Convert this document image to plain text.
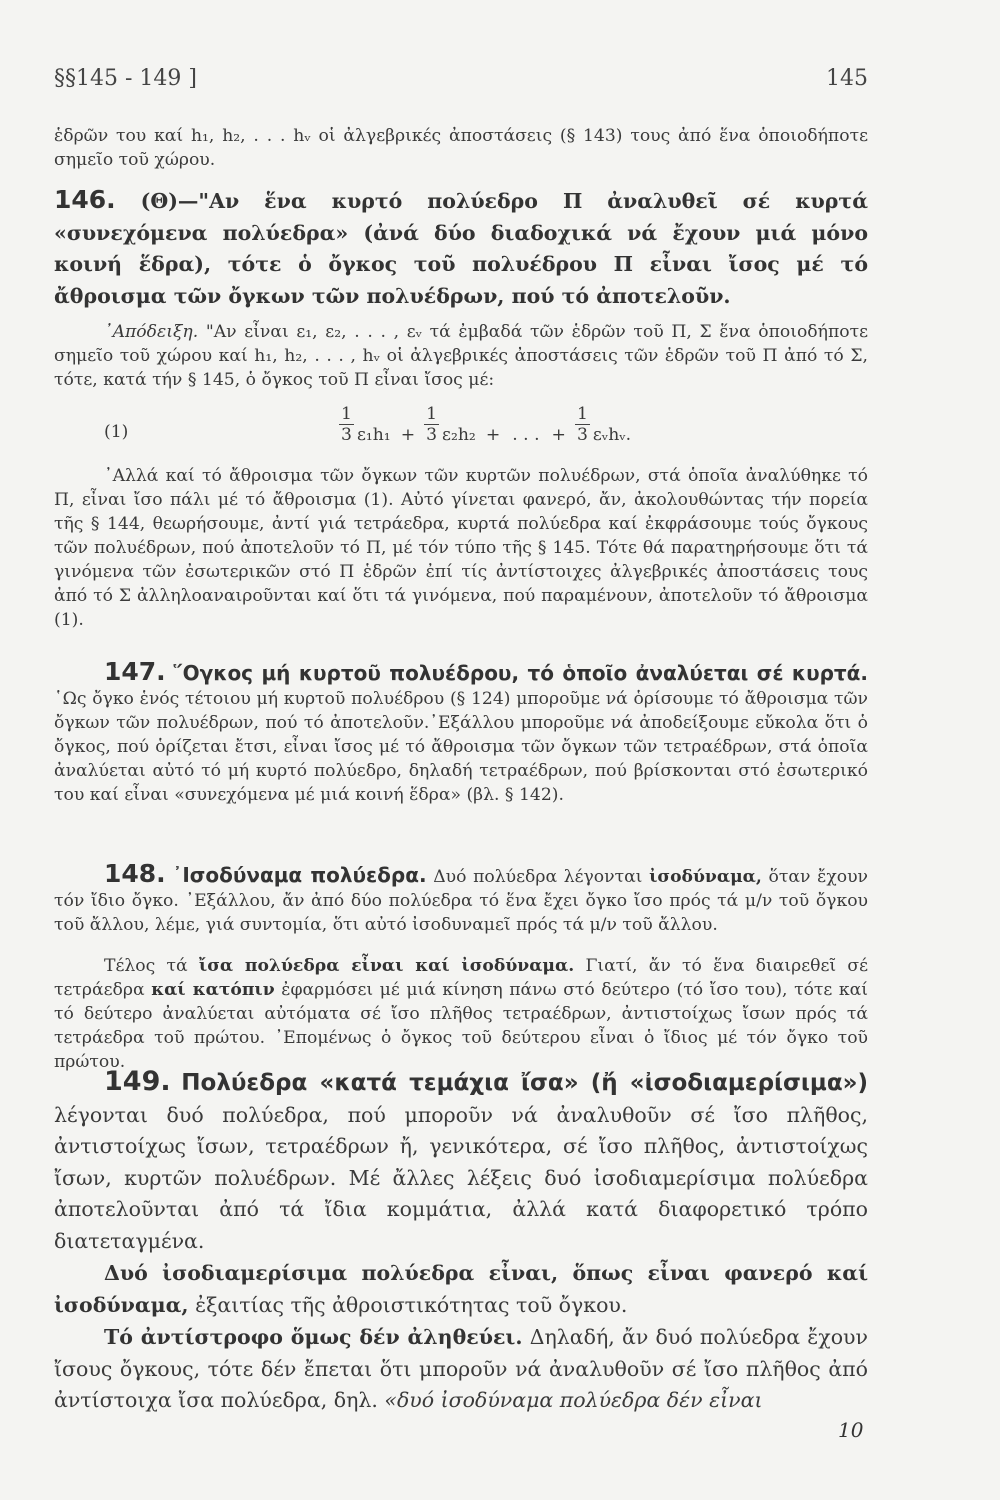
§§145 - 149 ]	145

ἑδρῶν του καί h₁, h₂, . . . hᵥ οἱ ἀλγεβρικές ἀποστάσεις (§ 143) τους ἀπό ἕνα ὁποιοδήποτε σημεῖο τοῦ χώρου.

146. (Θ)—"Αν ἕνα κυρτό πολύεδρο Π ἀναλυθεῖ σέ κυρτά «συνεχόμενα πολύεδρα» (ἀνά δύο διαδοχικά νά ἔχουν μιά μόνο κοινή ἕδρα), τότε ὁ ὄγκος τοῦ πολυέδρου Π εἶναι ἴσος μέ τό ἄθροισμα τῶν ὄγκων τῶν πολυέδρων, πού τό ἀποτελοῦν.

᾿Απόδειξη. "Αν εἶναι ε₁, ε₂, . . . , εᵥ τά ἐμβαδά τῶν ἑδρῶν τοῦ Π, Σ ἕνα ὁποιοδήποτε σημεῖο τοῦ χώρου καί h₁, h₂, . . . , hᵥ οἱ ἀλγεβρικές ἀποστάσεις τῶν ἑδρῶν τοῦ Π ἀπό τό Σ, τότε, κατά τήν § 145, ὁ ὄγκος τοῦ Π εἶναι ἴσος μέ:

(1)	$\frac{1}{3} \varepsilon_1h_1 + \frac{1}{3} \varepsilon_2h_2$ + . . . + $\frac{1}{3}$ εᵥhᵥ.

᾿Αλλά καί τό ἄθροισμα τῶν ὄγκων τῶν κυρτῶν πολυέδρων, στά ὁποῖα ἀναλύθηκε τό Π, εἶναι ἴσο πάλι μέ τό ἄθροισμα (1). Αὐτό γίνεται φανερό, ἄν, ἀκολουθώντας τήν πορεία τῆς § 144, θεωρήσουμε, ἀντί γιά τετράεδρα, κυρτά πολύεδρα καί ἐκφράσουμε τούς ὄγκους τῶν πολυέδρων, πού ἀποτελοῦν τό Π, μέ τόν τύπο τῆς § 145. Τότε θά παρατηρήσουμε ὅτι τά γινόμενα τῶν ἐσωτερικῶν στό Π ἑδρῶν ἐπί τίς ἀντίστοιχες ἀλγεβρικές ἀποστάσεις τους ἀπό τό Σ ἀλληλοαναιροῦνται καί ὅτι τά γινόμενα, πού παραμένουν, ἀποτελοῦν τό ἄθροισμα (1).

147. ῞Ογκος μή κυρτοῦ πολυέδρου, τό ὁποῖο ἀναλύεται σέ κυρτά. ῾Ως ὄγκο ἑνός τέτοιου μή κυρτοῦ πολυέδρου (§ 124) μποροῦμε νά ὁρίσουμε τό ἄθροισμα τῶν ὄγκων τῶν πολυέδρων, πού τό ἀποτελοῦν.᾿Εξάλλου μποροῦμε νά ἀποδείξουμε εὔκολα ὅτι ὁ ὄγκος, πού ὁρίζεται ἔτσι, εἶναι ἴσος μέ τό ἄθροισμα τῶν ὄγκων τῶν τετραέδρων, στά ὁποῖα ἀναλύεται αὐτό τό μή κυρτό πολύεδρο, δηλαδή τετραέδρων, πού βρίσκονται στό ἐσωτερικό του καί εἶναι «συνεχόμενα μέ μιά κοινή ἕδρα» (βλ. § 142).

148. ᾿Ισοδύναμα πολύεδρα. Δυό πολύεδρα λέγονται ἰσοδύναμα, ὅταν ἔχουν τόν ἴδιο ὄγκο. ᾿Εξάλλου, ἄν ἀπό δύο πολύεδρα τό ἕνα ἔχει ὄγκο ἴσο πρός τά μ/ν τοῦ ὄγκου τοῦ ἄλλου, λέμε, γιά συντομία, ὅτι αὐτό ἰσοδυναμεῖ πρός τά μ/ν τοῦ ἄλλου.

Τέλος τά ἴσα πολύεδρα εἶναι καί ἰσοδύναμα. Γιατί, ἄν τό ἕνα διαιρεθεῖ σέ τετράεδρα καί κατόπιν ἐφαρμόσει μέ μιά κίνηση πάνω στό δεύτερο (τό ἴσο του), τότε καί τό δεύτερο ἀναλύεται αὐτόματα σέ ἴσο πλῆθος τετραέδρων, ἀντιστοίχως ἴσων πρός τά τετράεδρα τοῦ πρώτου. ᾿Επομένως ὁ ὄγκος τοῦ δεύτερου εἶναι ὁ ἴδιος μέ τόν ὄγκο τοῦ πρώτου.

149. Πολύεδρα «κατά τεμάχια ἴσα» (ἤ «ἰσοδιαμερίσιμα») λέγονται δυό πολύεδρα, πού μποροῦν νά ἀναλυθοῦν σέ ἴσο πλῆθος, ἀντιστοίχως ἴσων, τετραέδρων ἤ, γενικότερα, σέ ἴσο πλῆθος, ἀντιστοίχως ἴσων, κυρτῶν πολυέδρων. Μέ ἄλλες λέξεις δυό ἰσοδιαμερίσιμα πολύεδρα ἀποτελοῦνται ἀπό τά ἴδια κομμάτια, ἀλλά κατά διαφορετικό τρόπο διατεταγμένα.

Δυό ἰσοδιαμερίσιμα πολύεδρα εἶναι, ὅπως εἶναι φανερό καί ἰσοδύναμα, ἐξαιτίας τῆς ἀθροιστικότητας τοῦ ὄγκου.

Τό ἀντίστροφο ὅμως δέν ἀληθεύει. Δηλαδή, ἄν δυό πολύεδρα ἔχουν ἴσους ὄγκους, τότε δέν ἔπεται ὅτι μποροῦν νά ἀναλυθοῦν σέ ἴσο πλῆθος ἀπό ἀντίστοιχα ἴσα πολύεδρα, δηλ. «δυό ἰσοδύναμα πολύεδρα δέν εἶναι

10
